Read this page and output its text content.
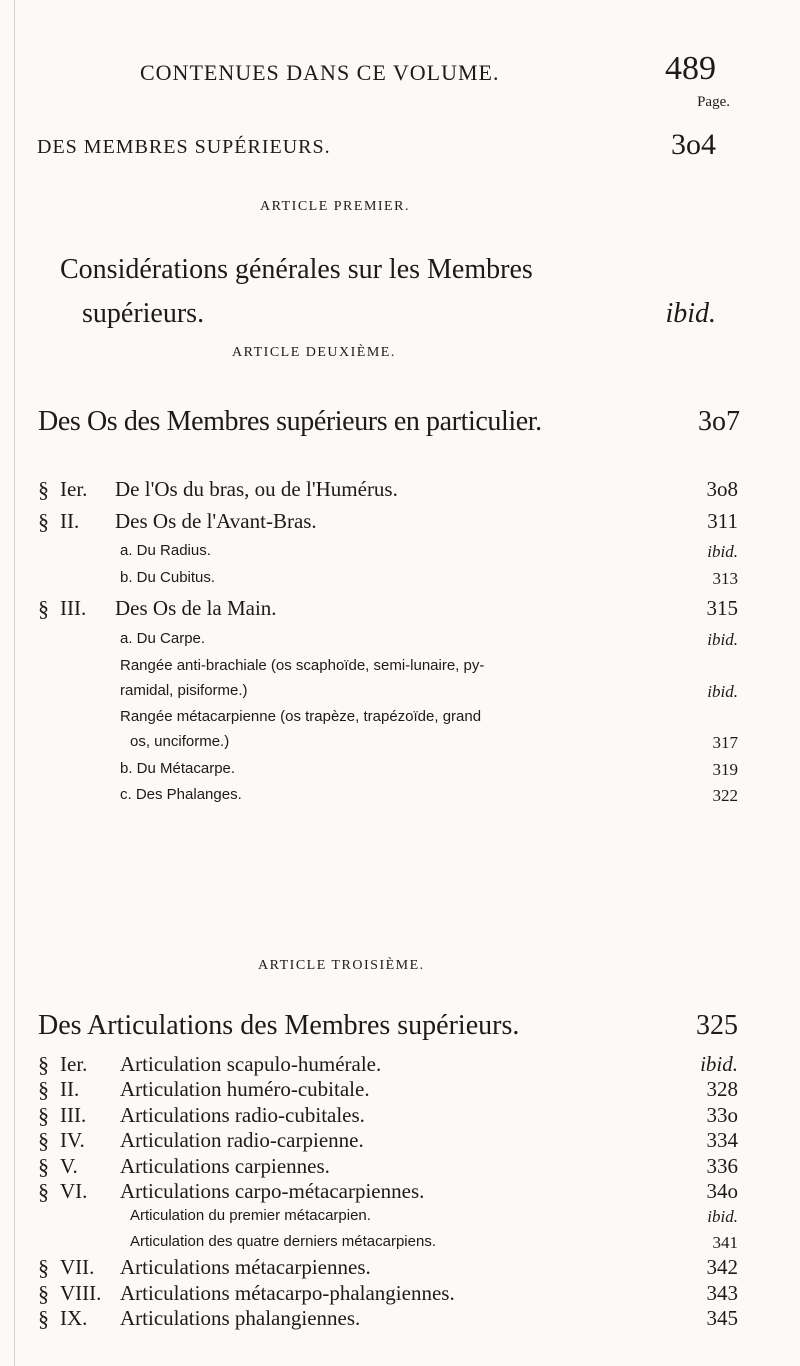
CONTENUES DANS CE VOLUME.	489
Page.
DES MEMBRES SUPÉRIEURS.	3o4
ARTICLE PREMIER.
Considérations générales sur les Membres
supérieurs.	ibid.
ARTICLE DEUXIÈME.
Des Os des Membres supérieurs en particulier.	3o7
§ Ier. De l'Os du bras, ou de l'Humérus.	3o8
§ II. Des Os de l'Avant-Bras.	311
a. Du Radius.	ibid.
b. Du Cubitus.	313
§ III. Des Os de la Main.	315
a. Du Carpe.	ibid.
Rangée anti-brachiale (os scaphoïde, semi-lunaire, py-
ramidal, pisiforme.)	ibid.
Rangée métacarpienne (os trapèze, trapézoïde, grand
os, unciforme.)	317
b. Du Métacarpe.	319
c. Des Phalanges.	322
ARTICLE TROISIÈME.
Des Articulations des Membres supérieurs.	325
§ Ier. Articulation scapulo-humérale.	ibid.
§ II. Articulation huméro-cubitale.	328
§ III. Articulations radio-cubitales.	33o
§ IV. Articulation radio-carpienne.	334
§ V. Articulations carpiennes.	336
§ VI. Articulations carpo-métacarpiennes.	34o
Articulation du premier métacarpien.	ibid.
Articulation des quatre derniers métacarpiens.	341
§ VII. Articulations métacarpiennes.	342
§ VIII. Articulations métacarpo-phalangiennes.	343
§ IX. Articulations phalangiennes.	345
